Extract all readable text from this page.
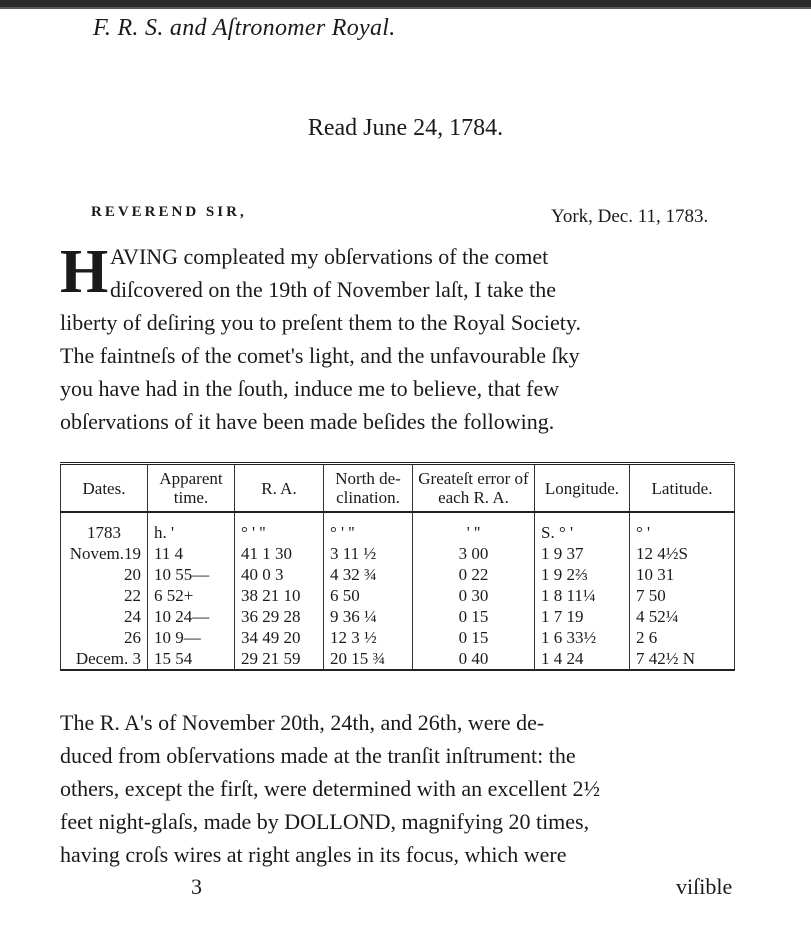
F. R. S. and Aſtronomer Royal.
Read June 24, 1784.
REVEREND SIR,	York, Dec. 11, 1783.
H AVING compleated my obſervations of the comet
diſcovered on the 19th of November laſt, I take the
liberty of deſiring you to preſent them to the Royal Society.
The faintneſs of the comet's light, and the unfavourable ſky
you have had in the ſouth, induce me to believe, that few
obſervations of it have been made beſides the following.
Dates.	Apparent time.	R. A.	North de-clination.	Greateſt error of each R. A.	Longitude.	Latitude.
1783	h. '	° ' ''	° ' ''	' ''	S. ° '	° '
Novem.19	11 4	41 1 30	3 11 ½	3 00	1 9 37	12 4½S
20	10 55—	40 0 3	4 32 ¾	0 22	1 9 2⅔	10 31
22	6 52+	38 21 10	6 50	0 30	1 8 11¼	7 50
24	10 24—	36 29 28	9 36 ¼	0 15	1 7 19	4 52¼
26	10 9—	34 49 20	12 3 ½	0 15	1 6 33½	2 6
Decem. 3	15 54	29 21 59	20 15 ¾	0 40	1 4 24	7 42½ N
The R. A's of November 20th, 24th, and 26th, were de-
duced from obſervations made at the tranſit inſtrument: the
others, except the firſt, were determined with an excellent 2½
feet night-glaſs, made by DOLLOND, magnifying 20 times,
having croſs wires at right angles in its focus, which were
3	viſible
